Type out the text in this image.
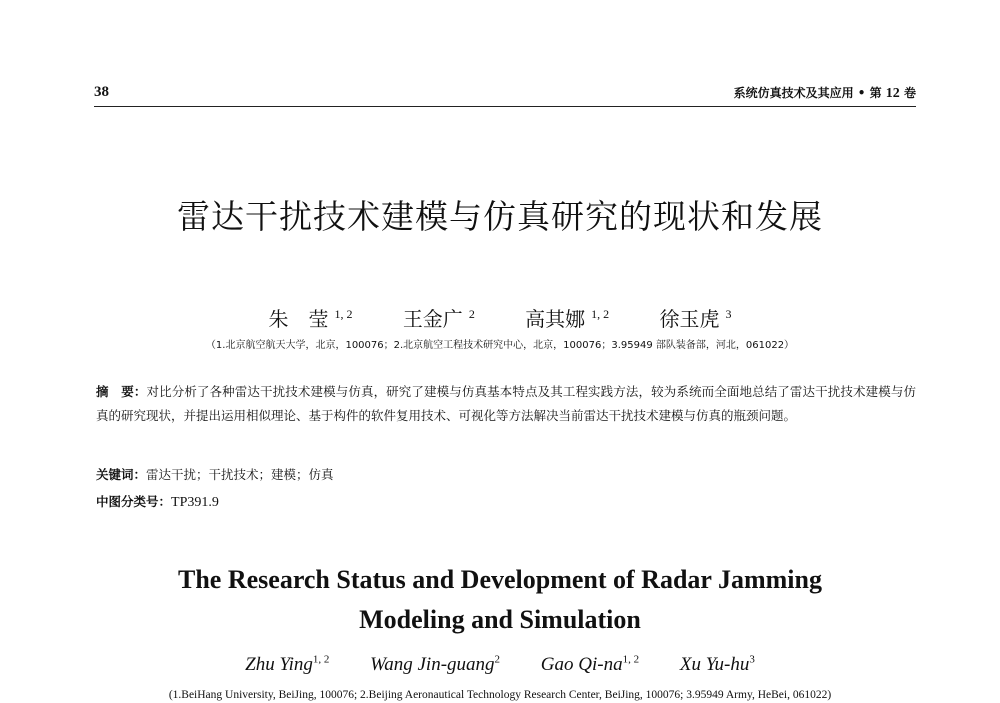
38	系统仿真技术及其应用 • 第 12 卷
雷达干扰技术建模与仿真研究的现状和发展
朱　莹 $^{1, 2}$	王金广 $^2$	高其娜 $^{1, 2}$	徐玉虎 $^3$
（1.北京航空航天大学，北京，100076；2.北京航空工程技术研究中心，北京，100076；3.95949 部队装备部，河北，061022）
摘　要：对比分析了各种雷达干扰技术建模与仿真，研究了建模与仿真基本特点及其工程实践方法，较为系统而全面地总结了雷达干扰技术建模与仿真的研究现状，并提出运用相似理论、基于构件的软件复用技术、可视化等方法解决当前雷达干扰技术建模与仿真的瓶颈问题。
关键词：雷达干扰；干扰技术；建模；仿真
中图分类号：TP391.9
The Research Status and Development of Radar Jamming
Modeling and Simulation
Zhu Ying$^{1, 2}$ Wang Jin-guang$^2$ Gao Qi-na$^{1, 2}$ Xu $Yu-hu^3$
(1.BeiHang University, BeiJing, 100076; 2.Beijing Aeronautical Technology Research Center, BeiJing, 100076; 3.95949 Army, HeBei, 061022)
